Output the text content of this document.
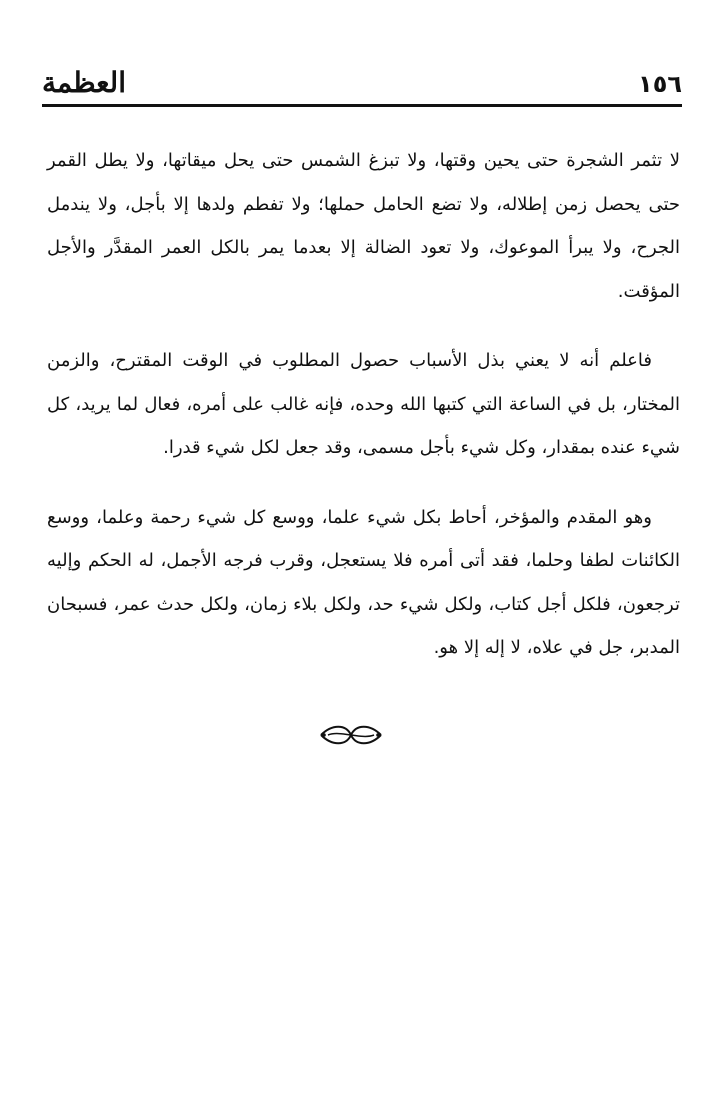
١٥٦
العظمة

لا تثمر الشجرة حتى يحين وقتها، ولا تبزغ الشمس حتى يحل ميقاتها، ولا يطل القمر حتى يحصل زمن إطلاله، ولا تضع الحامل حملها؛ ولا تفطم ولدها إلا بأجل، ولا يندمل الجرح، ولا يبرأ الموعوك، ولا تعود الضالة إلا بعدما يمر بالكل العمر المقدَّر والأجل المؤقت.

فاعلم أنه لا يعني بذل الأسباب حصول المطلوب في الوقت المقترح، والزمن المختار، بل في الساعة التي كتبها الله وحده، فإنه غالب على أمره، فعال لما يريد، كل شيء عنده بمقدار، وكل شيء بأجل مسمى، وقد جعل لكل شيء قدرا.

وهو المقدم والمؤخر، أحاط بكل شيء علما، ووسع كل شيء رحمة وعلما، ووسع الكائنات لطفا وحلما، فقد أتى أمره فلا يستعجل، وقرب فرجه الأجمل، له الحكم وإليه ترجعون، فلكل أجل كتاب، ولكل شيء حد، ولكل بلاء زمان، ولكل حدث عمر، فسبحان المدبر، جل في علاه، لا إله إلا هو.
